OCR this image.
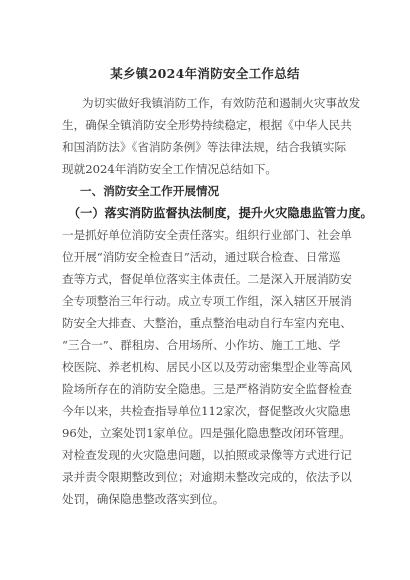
某乡镇2024年消防安全工作总结
为切实做好我镇消防工作，有效防范和遏制火灾事故发
生，确保全镇消防安全形势持续稳定，根据《中华人民共
和国消防法》《省消防条例》等法律法规，结合我镇实际
现就2024年消防安全工作情况总结如下。
一、消防安全工作开展情况
（一）落实消防监督执法制度，提升火灾隐患监管力度。
一是抓好单位消防安全责任落实。组织行业部门、社会单
位开展“消防安全检查日”活动，通过联合检查、日常巡
查等方式，督促单位落实主体责任。二是深入开展消防安
全专项整治三年行动。成立专项工作组，深入辖区开展消
防安全大排查、大整治，重点整治电动自行车室内充电、
“三合一”、群租房、合用场所、小作坊、施工工地、学
校医院、养老机构、居民小区以及劳动密集型企业等高风
险场所存在的消防安全隐患。三是严格消防安全监督检查
今年以来，共检查指导单位112家次，督促整改火灾隐患
96处，立案处罚1家单位。四是强化隐患整改闭环管理。
对检查发现的火灾隐患问题，以拍照或录像等方式进行记
录并责令限期整改到位；对逾期未整改完成的，依法予以
处罚，确保隐患整改落实到位。
